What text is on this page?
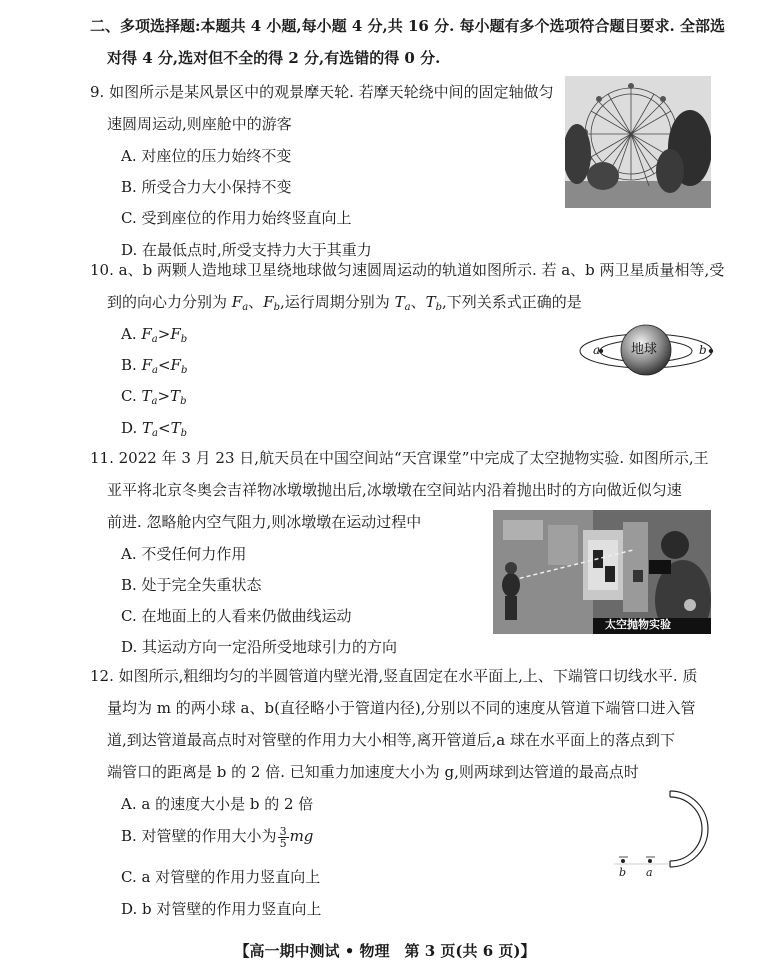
二、多项选择题:本题共 4 小题,每小题 4 分,共 16 分. 每小题有多个选项符合题目要求. 全部选
对得 4 分,选对但不全的得 2 分,有选错的得 0 分.
9. 如图所示是某风景区中的观景摩天轮. 若摩天轮绕中间的固定轴做匀
速圆周运动,则座舱中的游客
A. 对座位的压力始终不变
B. 所受合力大小保持不变
C. 受到座位的作用力始终竖直向上
D. 在最低点时,所受支持力大于其重力
10. a、b 两颗人造地球卫星绕地球做匀速圆周运动的轨道如图所示. 若 a、b 两卫星质量相等,受
到的向心力分别为 $F_a$、$F_b$,运行周期分别为 $T_a$、$T_b$,下列关系式正确的是
A. $F_a>F_b$
B. $F_a<F_b$
C. $T_a>T_b$
D. $T_a<T_b$
地球
a	b
11. 2022 年 3 月 23 日,航天员在中国空间站“天宫课堂”中完成了太空抛物实验. 如图所示,王
亚平将北京冬奥会吉祥物冰墩墩抛出后,冰墩墩在空间站内沿着抛出时的方向做近似匀速
前进. 忽略舱内空气阻力,则冰墩墩在运动过程中
A. 不受任何力作用
B. 处于完全失重状态
C. 在地面上的人看来仍做曲线运动
D. 其运动方向一定沿所受地球引力的方向
太空抛物实验
12. 如图所示,粗细均匀的半圆管道内壁光滑,竖直固定在水平面上,上、下端管口切线水平. 质
量均为 m 的两小球 a、b(直径略小于管道内径),分别以不同的速度从管道下端管口进入管
道,到达管道最高点时对管壁的作用力大小相等,离开管道后,a 球在水平面上的落点到下
端管口的距离是 b 的 2 倍. 已知重力加速度大小为 g,则两球到达管道的最高点时
A. a 的速度大小是 b 的 2 倍
B. 对管壁的作用大小为 $\frac{3}{5}$ mg
C. a 对管壁的作用力竖直向上
D. b 对管壁的作用力竖直向上
b a
【高一期中测试 • 物理　第 3 页(共 6 页)】
